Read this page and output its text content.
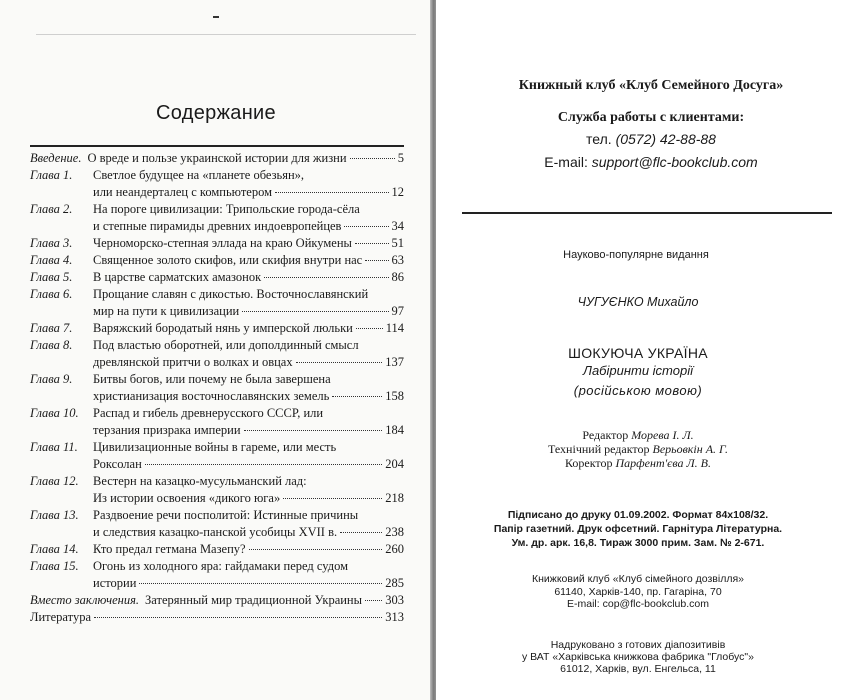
Содержание
Введение. О вреде и пользе украинской истории для жизни	5
Глава 1.	Светлое будущее на «планете обезьян»,
или неандерталец с компьютером	12
Глава 2.	На пороге цивилизации: Трипольские города-сёла
и степные пирамиды древних индоевропейцев	34
Глава 3.	Черноморско-степная эллада на краю Ойкумены	51
Глава 4.	Священное золото скифов, или скифия внутри нас 63
Глава 5.	В царстве сарматских амазонок	86
Глава 6.	Прощание славян с дикостью. Восточнославянский
мир на пути к цивилизации	97
Глава 7.	Варяжский бородатый нянь у имперской люльки	114
Глава 8.	Под властью оборотней, или дополдинный смысл
древлянской притчи о волках и овцах	137
Глава 9.	Битвы богов, или почему не была завершена
христианизация восточнославянских земель	158
Глава 10.	Распад и гибель древнерусского СССР, или
терзания призрака империи	184
Глава 11.	Цивилизационные войны в гареме, или месть
Роксолан	204
Глава 12.	Вестерн на казацко-мусульманский лад:
Из истории освоения «дикого юга»	218
Глава 13.	Раздвоение речи посполитой: Истинные причины
и следствия казацко-панской усобицы XVII в.	238
Глава 14.	Кто предал гетмана Мазепу?	260
Глава 15.	Огонь из холодного яра: гайдамаки перед судом
истории	285
Вместо заключения. Затерянный мир традиционной Украины 303
Литература	313
Книжный клуб «Клуб Семейного Досуга»
Служба работы с клиентами:
тел. (0572) 42-88-88
E-mail: support@flc-bookclub.com
Науково-популярне видання
ЧУГУЄНКО Михайло
ШОКУЮЧА УКРАЇНА
Лабіринти історії
(російською мовою)
Редактор Морева І. Л.
Технічний редактор Верьовкін А. Г.
Коректор Парфент'єва Л. В.
Підписано до друку 01.09.2002. Формат 84х108/32.
Папір газетний. Друк офсетний. Гарнітура Літературна.
Ум. др. арк. 16,8. Тираж 3000 прим. Зам. № 2-671.
Книжковий клуб «Клуб сімейного дозвілля»
61140, Харків-140, пр. Гагаріна, 70
E-mail: cop@flc-bookclub.com
Надруковано з готових діапозитивів
у ВАТ «Харківська книжкова фабрика "Глобус"»
61012, Харків, вул. Енгельса, 11
